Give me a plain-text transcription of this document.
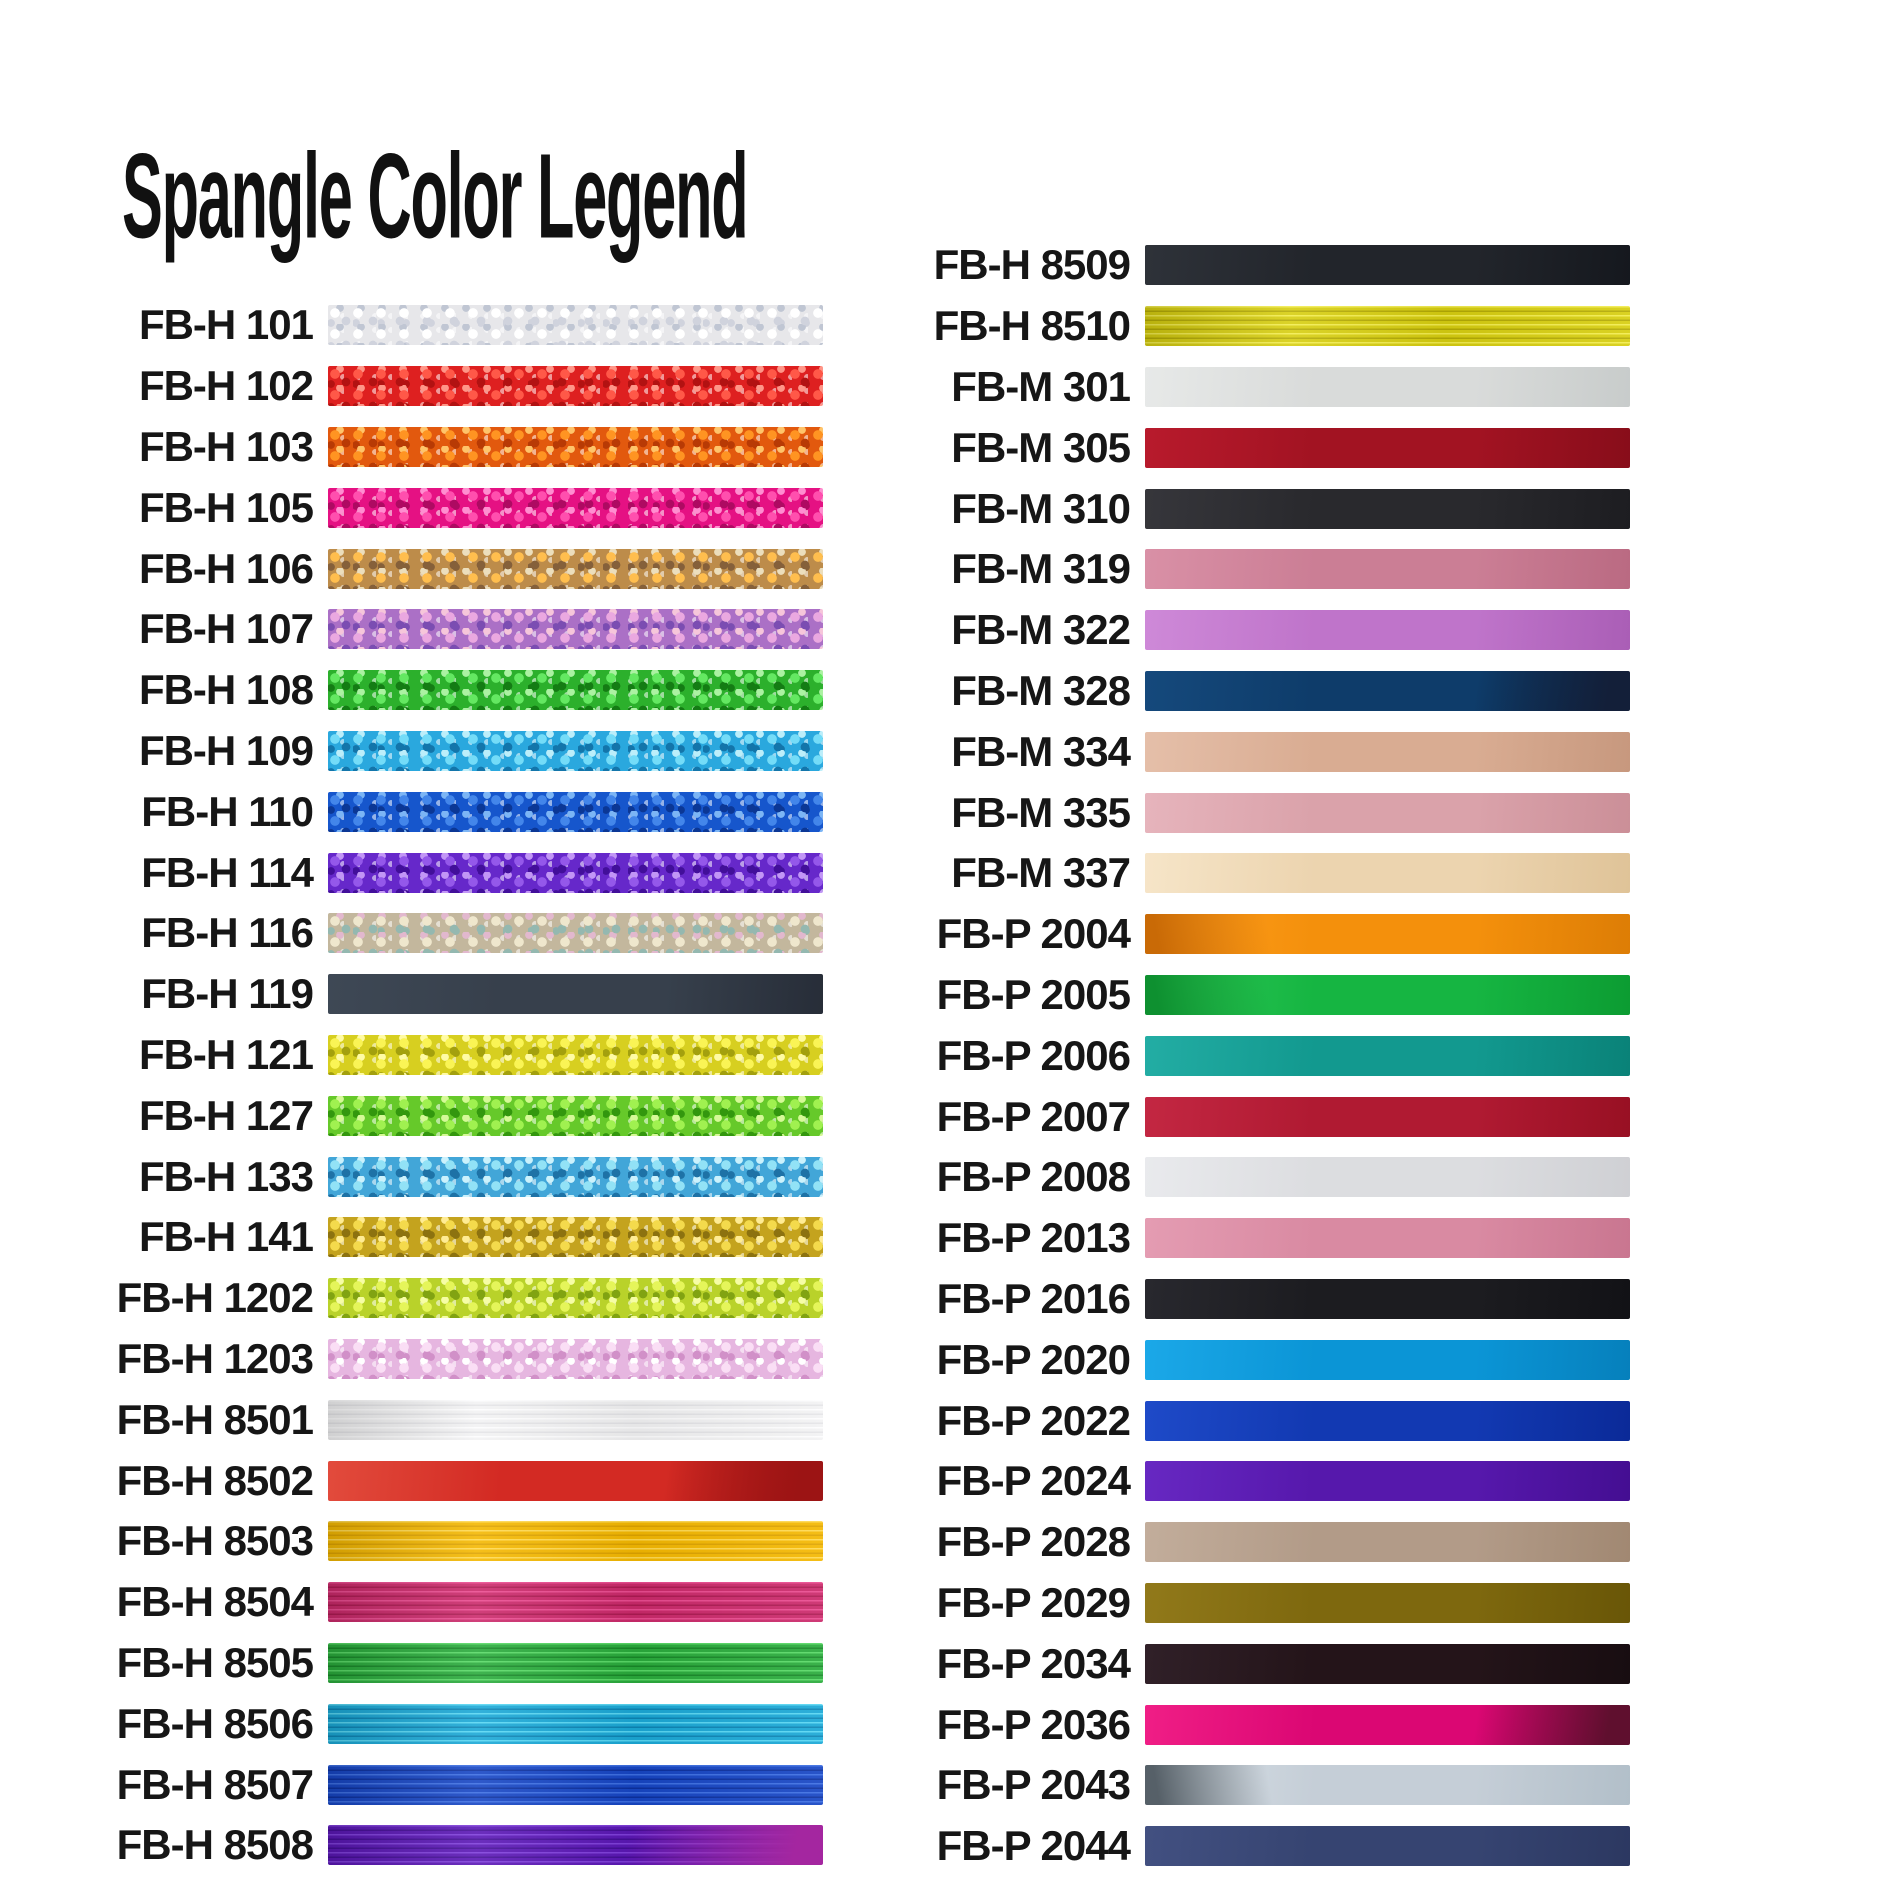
Spangle Color Legend
FB-H 101
FB-H 102
FB-H 103
FB-H 105
FB-H 106
FB-H 107
FB-H 108
FB-H 109
FB-H 110
FB-H 114
FB-H 116
FB-H 119
FB-H 121
FB-H 127
FB-H 133
FB-H 141
FB-H 1202
FB-H 1203
FB-H 8501
FB-H 8502
FB-H 8503
FB-H 8504
FB-H 8505
FB-H 8506
FB-H 8507
FB-H 8508
FB-H 8509
FB-H 8510
FB-M 301
FB-M 305
FB-M 310
FB-M 319
FB-M 322
FB-M 328
FB-M 334
FB-M 335
FB-M 337
FB-P 2004
FB-P 2005
FB-P 2006
FB-P 2007
FB-P 2008
FB-P 2013
FB-P 2016
FB-P 2020
FB-P 2022
FB-P 2024
FB-P 2028
FB-P 2029
FB-P 2034
FB-P 2036
FB-P 2043
FB-P 2044
